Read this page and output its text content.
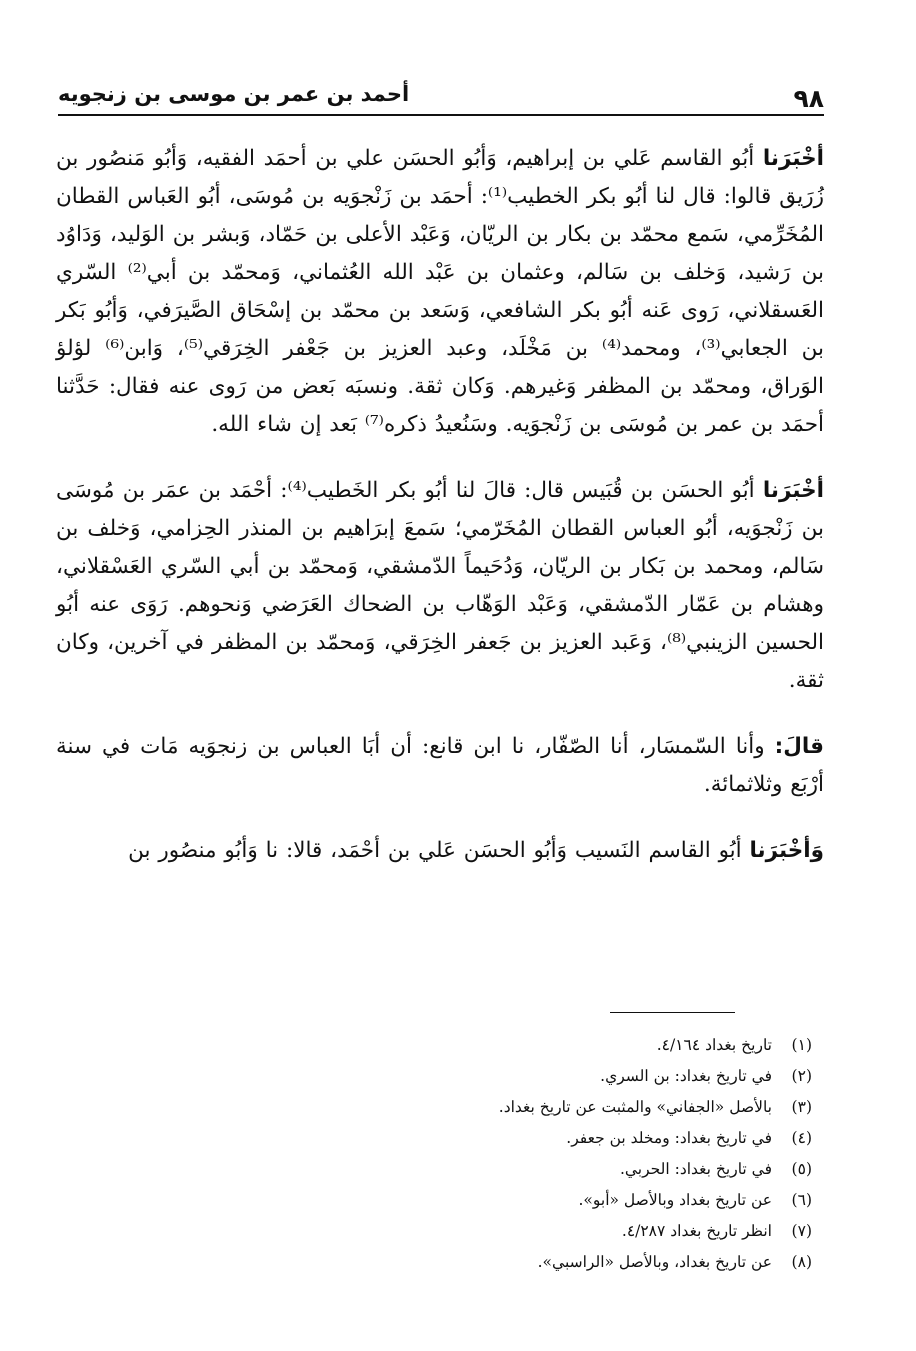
٩٨
أحمد بن عمر بن موسى بن زنجويه

أخْبَرَنا أبُو القاسم عَلي بن إبراهيم، وَأبُو الحسَن علي بن أحمَد الفقيه، وَأبُو مَنصُور بن زُرَيق قالوا: قال لنا أبُو بكر الخطيب⁽¹⁾: أحمَد بن زَنْجوَيه بن مُوسَى، أبُو العَباس القطان المُخَرِّمي، سَمع محمّد بن بكار بن الريّان، وَعَبْد الأعلى بن حَمّاد، وَبشر بن الوَليد، وَدَاوُد بن رَشيد، وَخلف بن سَالم، وعثمان بن عَبْد الله العُثماني، وَمحمّد بن أبي⁽²⁾ السّري العَسقلاني، رَوى عَنه أبُو بكر الشافعي، وَسَعد بن محمّد بن إسْحَاق الصَّيرَفي، وَأبُو بَكر بن الجعابي⁽³⁾، ومحمد⁽⁴⁾ بن مَخْلَد، وعبد العزيز بن جَعْفر الخِرَقي⁽⁵⁾، وَابن⁽⁶⁾ لؤلؤ الوَراق، ومحمّد بن المظفر وَغيرهم. وَكان ثقة. ونسبَه بَعض من رَوى عنه فقال: حَدَّثنا أحمَد بن عمر بن مُوسَى بن زَنْجوَيه. وسَنُعيدُ ذكره⁽⁷⁾ بَعد إن شاء الله.

أخْبَرَنا أبُو الحسَن بن قُبَيس قال: قالَ لنا أبُو بكر الخَطيب⁽⁴⁾: أحْمَد بن عمَر بن مُوسَى بن زَنْجوَيه، أبُو العباس القطان المُخَرّمي؛ سَمعَ إبرَاهيم بن المنذر الحِزامي، وَخلف بن سَالم، ومحمد بن بَكار بن الريّان، وَدُحَيماً الدّمشقي، وَمحمّد بن أبي السّري العَسْقلاني، وهشام بن عَمّار الدّمشقي، وَعَبْد الوَهّاب بن الضحاك العَرَضي وَنحوهم. رَوَى عنه أبُو الحسين الزينبي⁽⁸⁾، وَعَبد العزيز بن جَعفر الخِرَقي، وَمحمّد بن المظفر في آخرين، وكان ثقة.

قالَ: وأنا السّمسَار، أنا الصّفّار، نا ابن قانع: أن أبَا العباس بن زنجوَيه مَات في سنة أرْبَع وثلاثمائة.

وَأخْبَرَنا أبُو القاسم النَسيب وَأبُو الحسَن عَلي بن أحْمَد، قالا: نا وَأبُو منصُور بن

(١)تاريخ بغداد ٤/١٦٤.
(٢)في تاريخ بغداد: بن السري.
(٣)بالأصل «الجفاني» والمثبت عن تاريخ بغداد.
(٤)في تاريخ بغداد: ومخلد بن جعفر.
(٥)في تاريخ بغداد: الحربي.
(٦)عن تاريخ بغداد وبالأصل «أبو».
(٧)انظر تاريخ بغداد ٤/٢٨٧.
(٨)عن تاريخ بغداد، وبالأصل «الراسبي».
